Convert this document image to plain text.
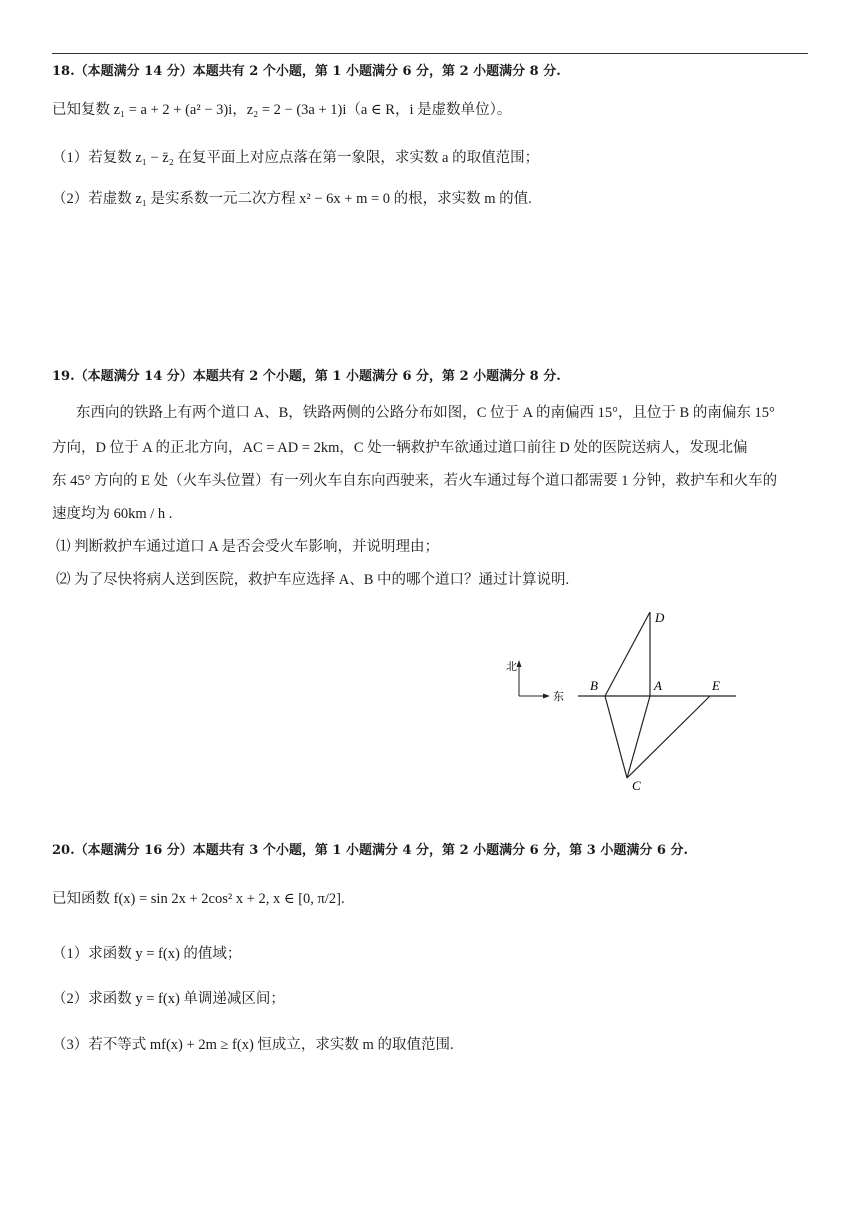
18.（本题满分 14 分）本题共有 2 个小题，第 1 小题满分 6 分，第 2 小题满分 8 分.
已知复数 z₁ = a + 2 + (a² − 3)i，z₂ = 2 − (3a + 1)i（a ∈ R，i 是虚数单位）。
（1）若复数 z₁ − z̄₂ 在复平面上对应点落在第一象限，求实数 a 的取值范围；
（2）若虚数 z₁ 是实系数一元二次方程 x² − 6x + m = 0 的根，求实数 m 的值.
19.（本题满分 14 分）本题共有 2 个小题，第 1 小题满分 6 分，第 2 小题满分 8 分.
东西向的铁路上有两个道口 A、B，铁路两侧的公路分布如图，C 位于 A 的南偏西 15°，且位于 B 的南偏东 15°
方向，D 位于 A 的正北方向，AC = AD = 2km，C 处一辆救护车欲通过道口前往 D 处的医院送病人，发现北偏
东 45° 方向的 E 处（火车头位置）有一列火车自东向西驶来，若火车通过每个道口都需要 1 分钟，救护车和火车的
速度均为 60km / h .
⑴ 判断救护车通过道口 A 是否会受火车影响，并说明理由；
⑵ 为了尽快将病人送到医院，救护车应选择 A、B 中的哪个道口？通过计算说明.
北
东
D
B	A	E
C
20.（本题满分 16 分）本题共有 3 个小题，第 1 小题满分 4 分，第 2 小题满分 6 分，第 3 小题满分 6 分.
已知函数 f(x) = sin 2x + 2cos² x + 2, x ∈ [0, π/2].
（1）求函数 y = f(x) 的值域；
（2）求函数 y = f(x) 单调递减区间；
（3）若不等式 mf(x) + 2m ≥ f(x) 恒成立，求实数 m 的取值范围.
